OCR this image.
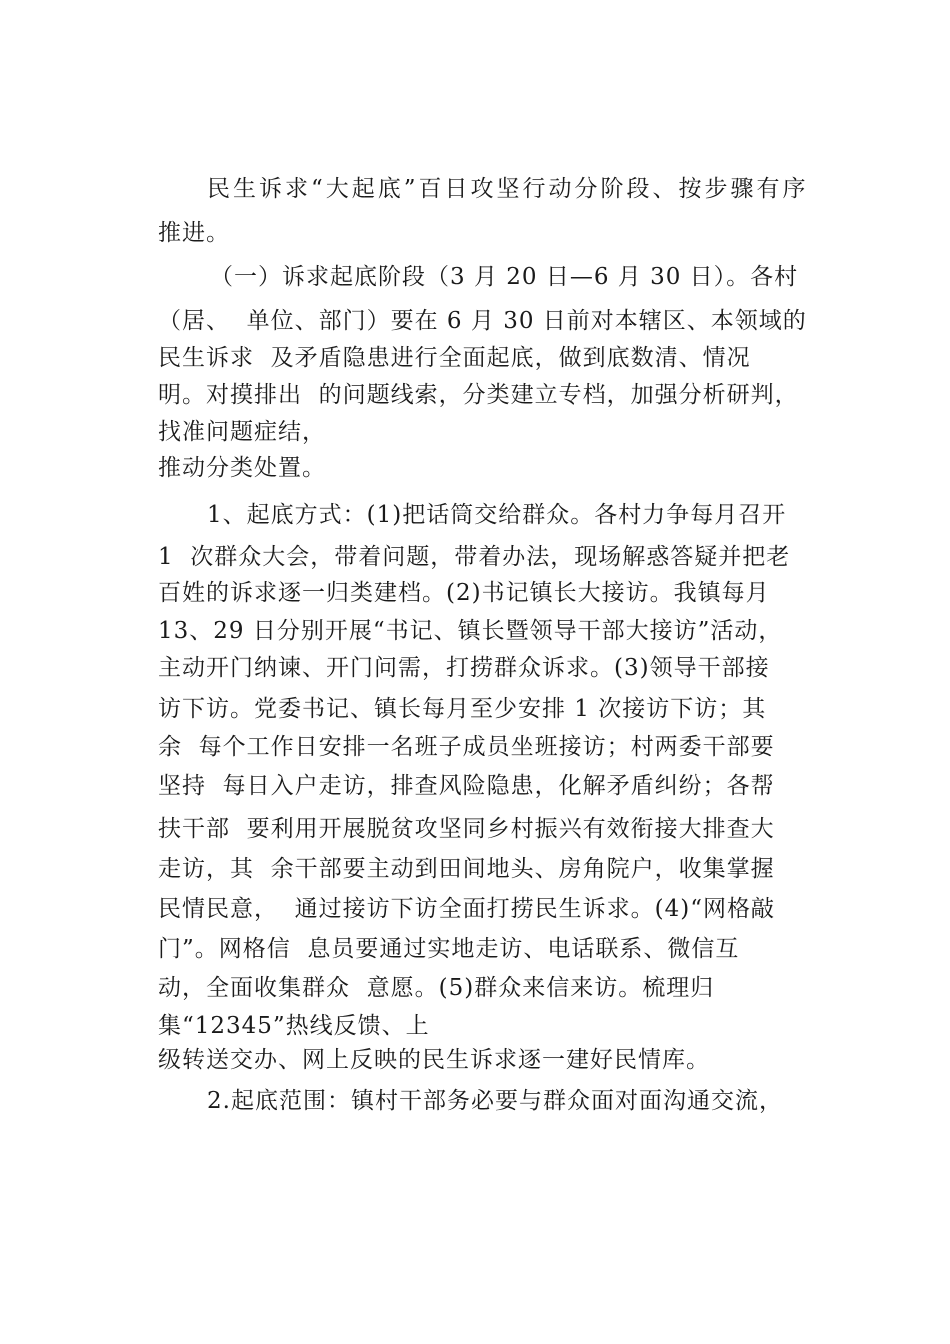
民生诉求“大起底”百日攻坚行动分阶段、按步骤有序
推进。
（一）诉求起底阶段（3 月 20 日—6 月 30 日）。各村
（居、  单位、部门）要在 6 月 30 日前对本辖区、本领域的
民生诉求  及矛盾隐患进行全面起底，做到底数清、情况
明。对摸排出  的问题线索，分类建立专档，加强分析研判，
找准问题症结，
推动分类处置。
1、起底方式：(1)把话筒交给群众。各村力争每月召开
1  次群众大会，带着问题，带着办法，现场解惑答疑并把老
百姓的诉求逐一归类建档。(2)书记镇长大接访。我镇每月
13、29 日分别开展“书记、镇长暨领导干部大接访”活动，
主动开门纳谏、开门问需，打捞群众诉求。(3)领导干部接
访下访。党委书记、镇长每月至少安排 1 次接访下访；其
余  每个工作日安排一名班子成员坐班接访；村两委干部要
坚持  每日入户走访，排查风险隐患，化解矛盾纠纷；各帮
扶干部  要利用开展脱贫攻坚同乡村振兴有效衔接大排查大
走访，其  余干部要主动到田间地头、房角院户，收集掌握
民情民意，  通过接访下访全面打捞民生诉求。(4)“网格敲
门”。网格信  息员要通过实地走访、电话联系、微信互
动，全面收集群众  意愿。(5)群众来信来访。梳理归
集“12345”热线反馈、上
级转送交办、网上反映的民生诉求逐一建好民情库。
2.起底范围：镇村干部务必要与群众面对面沟通交流，
